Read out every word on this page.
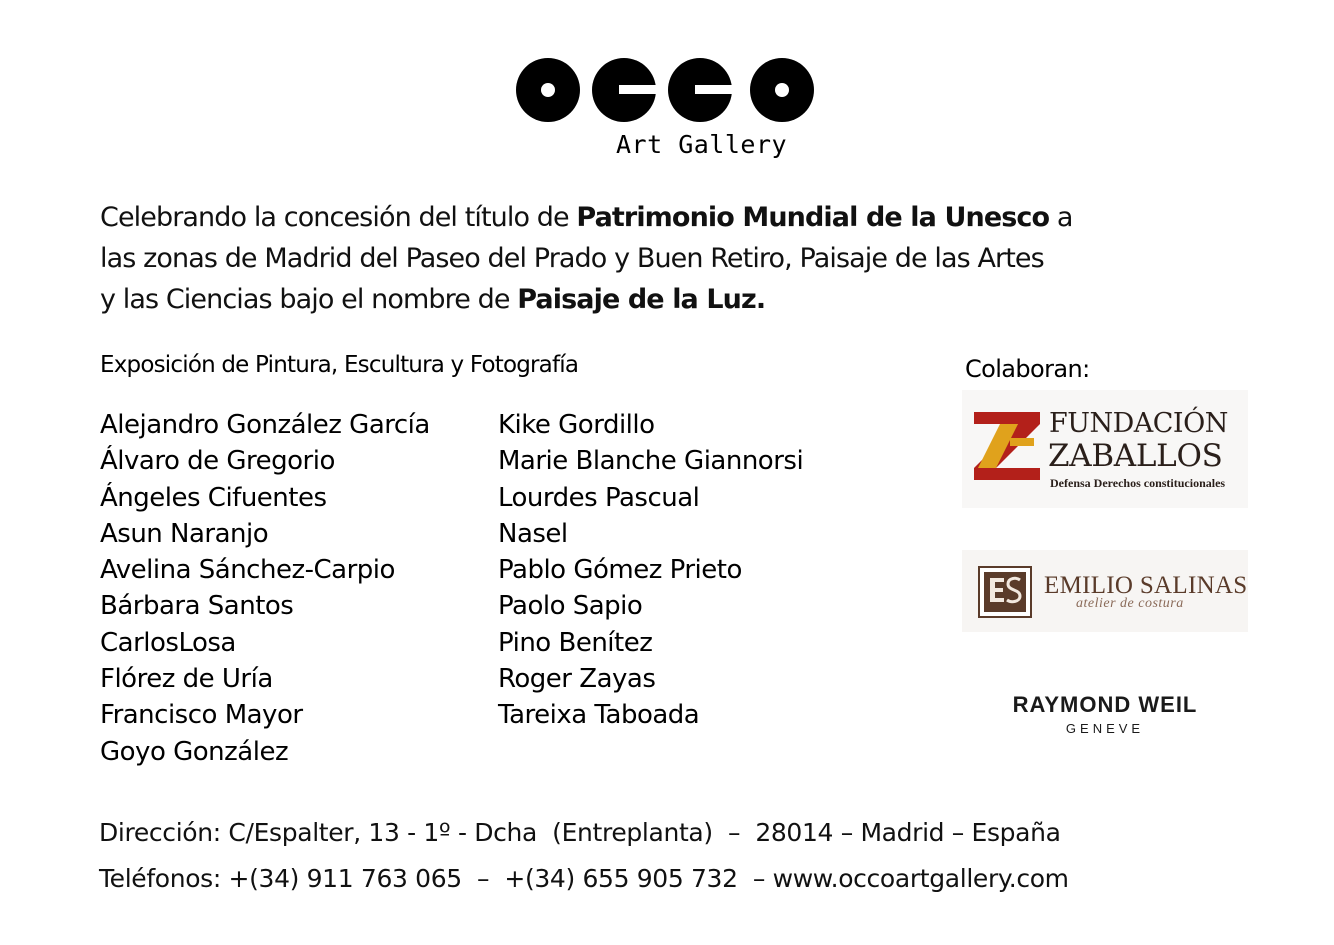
Art Gallery
Celebrando la concesión del título de Patrimonio Mundial de la Unesco a
las zonas de Madrid del Paseo del Prado y Buen Retiro, Paisaje de las Artes
y las Ciencias bajo el nombre de Paisaje de la Luz.
Exposición de Pintura, Escultura y Fotografía	Colaboran:
Alejandro González García
Álvaro de Gregorio
Ángeles Cifuentes
Asun Naranjo
Avelina Sánchez-Carpio
Bárbara Santos
CarlosLosa
Flórez de Uría
Francisco Mayor
Goyo González
Kike Gordillo
Marie Blanche Giannorsi
Lourdes Pascual
Nasel
Pablo Gómez Prieto
Paolo Sapio
Pino Benítez
Roger Zayas
Tareixa Taboada
FUNDACIÓN
ZABALLOS
Defensa Derechos constitucionales
EMILIO SALINAS
atelier de costura
RAYMOND WEIL
GENEVE
Dirección: C/Espalter, 13 - 1º - Dcha  (Entreplanta)  –  28014 – Madrid – España
Teléfonos: +(34) 911 763 065  –  +(34) 655 905 732  – www.occoartgallery.com
